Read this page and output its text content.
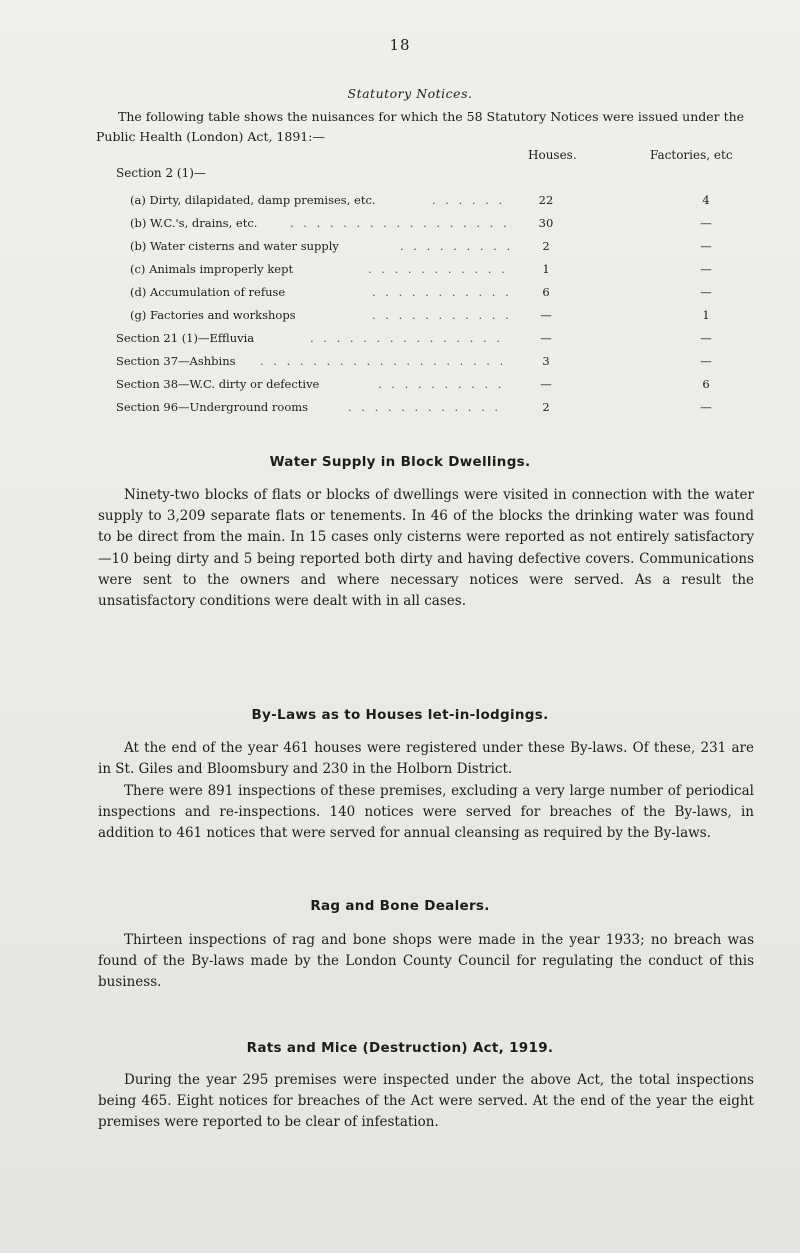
18
Statutory Notices.
The following table shows the nuisances for which the 58 Statutory Notices were issued under the Public Health (London) Act, 1891:—
Houses.	Factories, etc
Section 2 (1)—
(a) Dirty, dilapidated, damp premises, etc.	. . . . . .	22	4
(b) W.C.'s, drains, etc.	. . . . . . . . . . . . . . . . .	30	—
(b) Water cisterns and water supply	. . . . . . . . .	2	—
(c) Animals improperly kept	. . . . . . . . . . .	1	—
(d) Accumulation of refuse	. . . . . . . . . . .	6	—
(g) Factories and workshops	. . . . . . . . . . .	—	1
Section 21 (1)—Effluvia	. . . . . . . . . . . . . . .	—	—
Section 37—Ashbins . . . . . . . . . . . . . . . . . . .	3	—
Section 38—W.C. dirty or defective	. . . . . . . . . .	—	6
Section 96—Underground rooms	. . . . . . . . . . . .	2	—
Water Supply in Block Dwellings.
Ninety-two blocks of flats or blocks of dwellings were visited in connection with the water supply to 3,209 separate flats or tenements. In 46 of the blocks the drinking water was found to be direct from the main. In 15 cases only cisterns were reported as not entirely satisfactory—10 being dirty and 5 being reported both dirty and having defective covers. Communications were sent to the owners and where necessary notices were served. As a result the unsatisfactory conditions were dealt with in all cases.
By-Laws as to Houses let-in-lodgings.
At the end of the year 461 houses were registered under these By-laws. Of these, 231 are in St. Giles and Bloomsbury and 230 in the Holborn District.
There were 891 inspections of these premises, excluding a very large number of periodical inspections and re-inspections. 140 notices were served for breaches of the By-laws, in addition to 461 notices that were served for annual cleansing as required by the By-laws.
Rag and Bone Dealers.
Thirteen inspections of rag and bone shops were made in the year 1933; no breach was found of the By-laws made by the London County Council for regulating the conduct of this business.
Rats and Mice (Destruction) Act, 1919.
During the year 295 premises were inspected under the above Act, the total inspections being 465. Eight notices for breaches of the Act were served. At the end of the year the eight premises were reported to be clear of infestation.
